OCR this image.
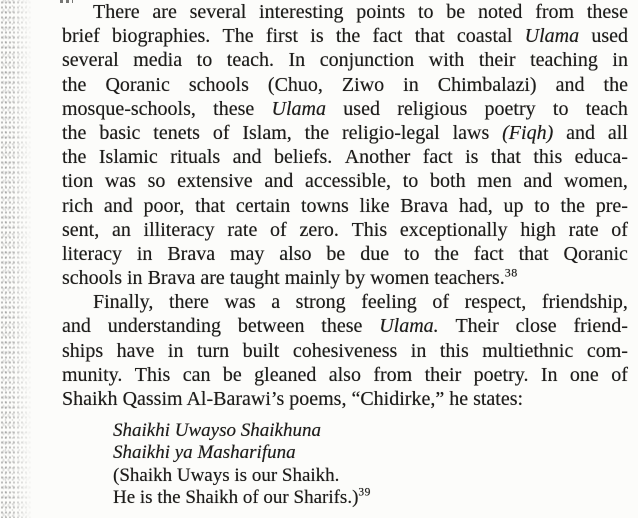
There are several interesting points to be noted from these
brief biographies. The first is the fact that coastal Ulama used
several media to teach. In conjunction with their teaching in
the Qoranic schools (Chuo, Ziwo in Chimbalazi) and the
mosque-schools, these Ulama used religious poetry to teach
the basic tenets of Islam, the religio-legal laws (Fiqh) and all
the Islamic rituals and beliefs. Another fact is that this educa-
tion was so extensive and accessible, to both men and women,
rich and poor, that certain towns like Brava had, up to the pre-
sent, an illiteracy rate of zero. This exceptionally high rate of
literacy in Brava may also be due to the fact that Qoranic
schools in Brava are taught mainly by women teachers.$^{38}$
Finally, there was a strong feeling of respect, friendship,
and understanding between these Ulama. Their close friend-
ships have in turn built cohesiveness in this multiethnic com-
munity. This can be gleaned also from their poetry. In one of
Shaikh Qassim Al-Barawi’s poems, “Chidirke,” he states:
Shaikhi Uwayso Shaikhuna
Shaikhi ya Masharifuna
(Shaikh Uways is our Shaikh.
He is the Shaikh of our Sharifs.)$^{39}$
